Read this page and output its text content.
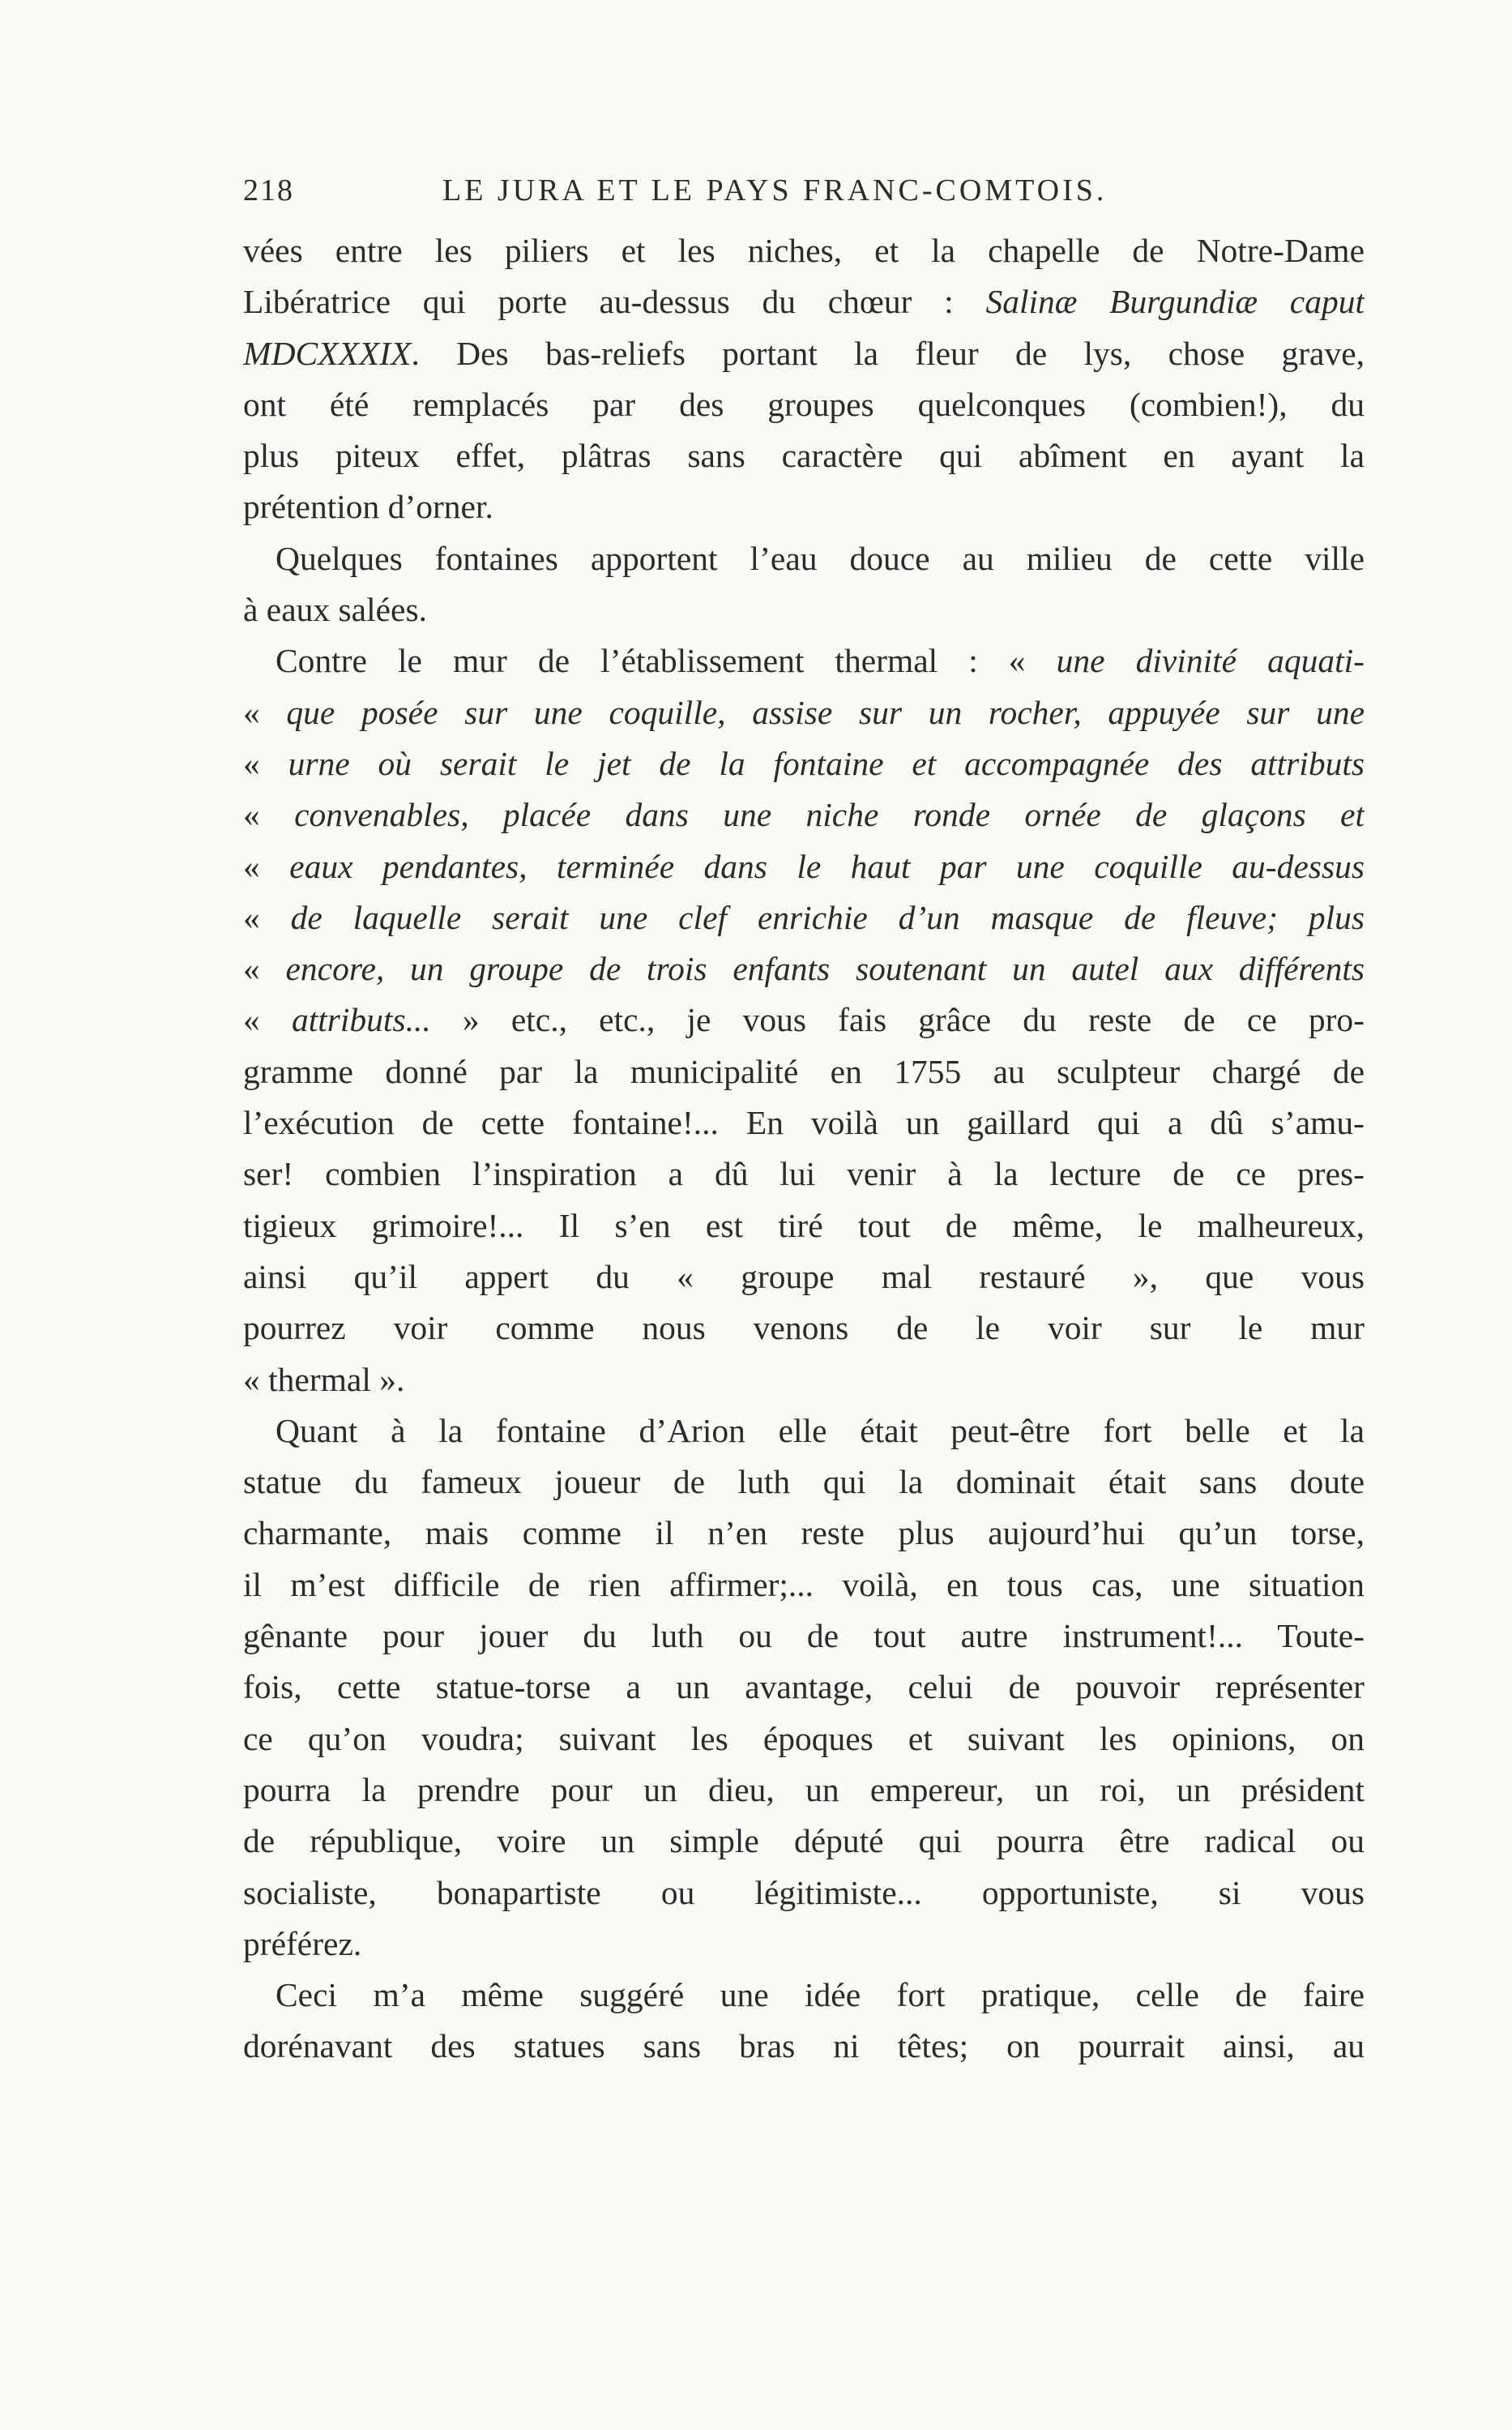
218	LE JURA ET LE PAYS FRANC-COMTOIS.
vées entre les piliers et les niches, et la chapelle de Notre-Dame
Libératrice qui porte au-dessus du chœur : Salinæ Burgundiæ caput
MDCXXXIX. Des bas-reliefs portant la fleur de lys, chose grave,
ont été remplacés par des groupes quelconques (combien!), du
plus piteux effet, plâtras sans caractère qui abîment en ayant la
prétention d’orner.
Quelques fontaines apportent l’eau douce au milieu de cette ville
à eaux salées.
Contre le mur de l’établissement thermal : « une divinité aquati-
« que posée sur une coquille, assise sur un rocher, appuyée sur une
« urne où serait le jet de la fontaine et accompagnée des attributs
« convenables, placée dans une niche ronde ornée de glaçons et
« eaux pendantes, terminée dans le haut par une coquille au-dessus
« de laquelle serait une clef enrichie d’un masque de fleuve; plus
« encore, un groupe de trois enfants soutenant un autel aux différents
« attributs... » etc., etc., je vous fais grâce du reste de ce pro-
gramme donné par la municipalité en 1755 au sculpteur chargé de
l’exécution de cette fontaine!... En voilà un gaillard qui a dû s’amu-
ser! combien l’inspiration a dû lui venir à la lecture de ce pres-
tigieux grimoire!... Il s’en est tiré tout de même, le malheureux,
ainsi qu’il appert du « groupe mal restauré », que vous
pourrez voir comme nous venons de le voir sur le mur
« thermal ».
Quant à la fontaine d’Arion elle était peut-être fort belle et la
statue du fameux joueur de luth qui la dominait était sans doute
charmante, mais comme il n’en reste plus aujourd’hui qu’un torse,
il m’est difficile de rien affirmer;... voilà, en tous cas, une situation
gênante pour jouer du luth ou de tout autre instrument!... Toute-
fois, cette statue-torse a un avantage, celui de pouvoir représenter
ce qu’on voudra; suivant les époques et suivant les opinions, on
pourra la prendre pour un dieu, un empereur, un roi, un président
de république, voire un simple député qui pourra être radical ou
socialiste, bonapartiste ou légitimiste... opportuniste, si vous
préférez.
Ceci m’a même suggéré une idée fort pratique, celle de faire
dorénavant des statues sans bras ni têtes; on pourrait ainsi, au
